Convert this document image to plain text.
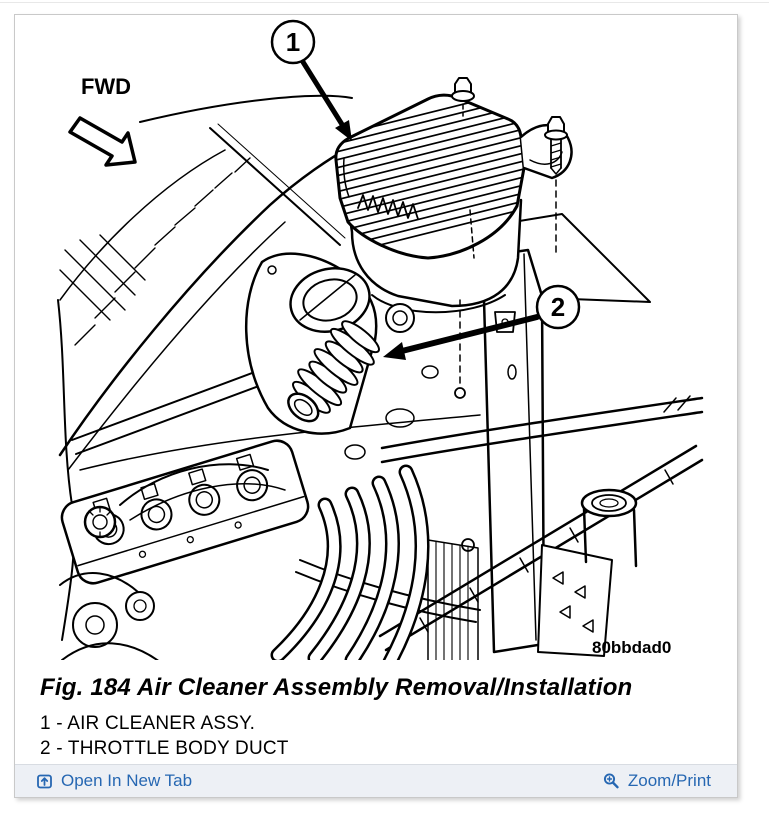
FWD
1
2
80bbdad0
Fig. 184 Air Cleaner Assembly Removal/Installation
1 - AIR CLEANER ASSY.
2 - THROTTLE BODY DUCT
Open In New Tab	Zoom/Print
